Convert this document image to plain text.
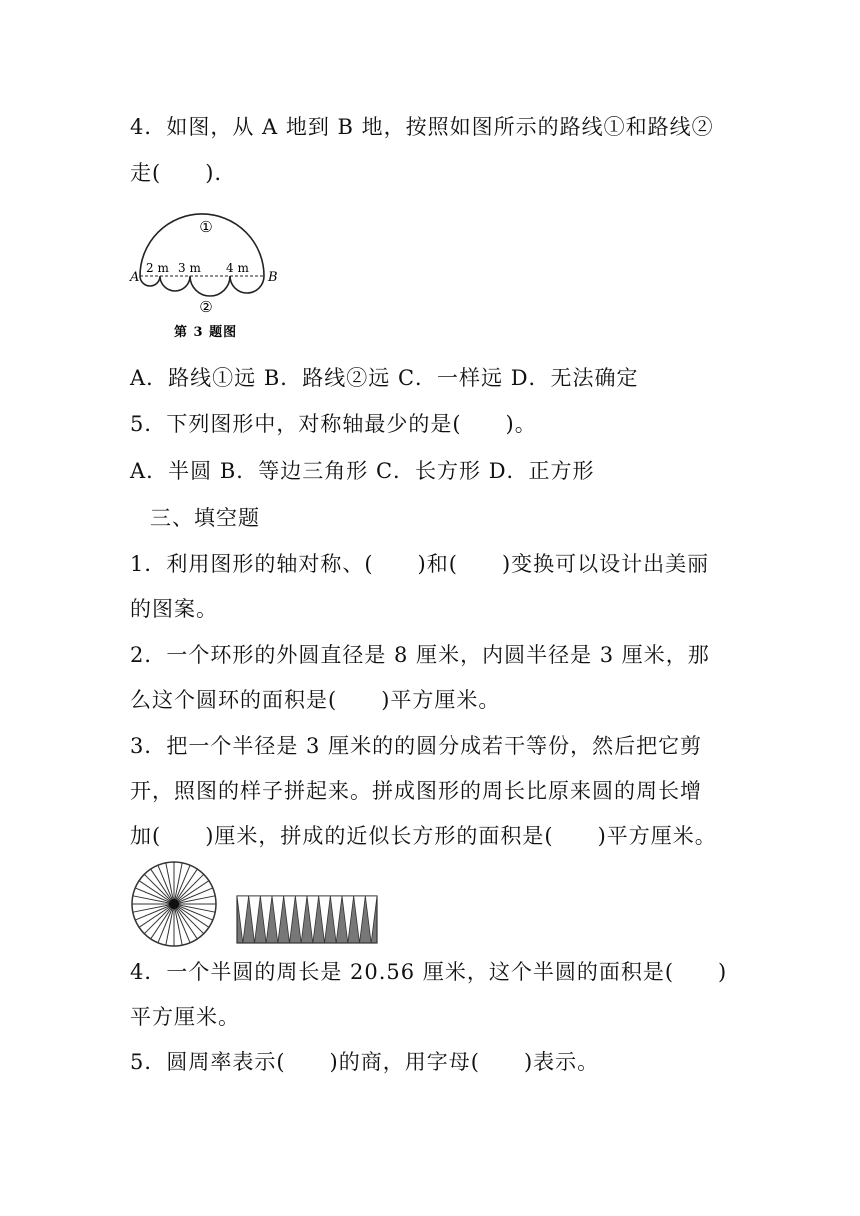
4．如图，从 A 地到 B 地，按照如图所示的路线①和路线②
走(　　).
①
②
A	B
2 m 3 m 4 m
第 3 题图
A．路线①远 B．路线②远 C．一样远 D．无法确定
5．下列图形中，对称轴最少的是(　　)。
A．半圆 B．等边三角形 C．长方形 D．正方形
三、填空题
1．利用图形的轴对称、(　　)和(　　)变换可以设计出美丽
的图案。
2．一个环形的外圆直径是 8 厘米，内圆半径是 3 厘米，那
么这个圆环的面积是(　　)平方厘米。
3．把一个半径是 3 厘米的的圆分成若干等份，然后把它剪
开，照图的样子拼起来。拼成图形的周长比原来圆的周长增
加(　　)厘米，拼成的近似长方形的面积是(　　)平方厘米。
4．一个半圆的周长是 20.56 厘米，这个半圆的面积是(　　)
平方厘米。
5．圆周率表示(　　)的商，用字母(　　)表示。
